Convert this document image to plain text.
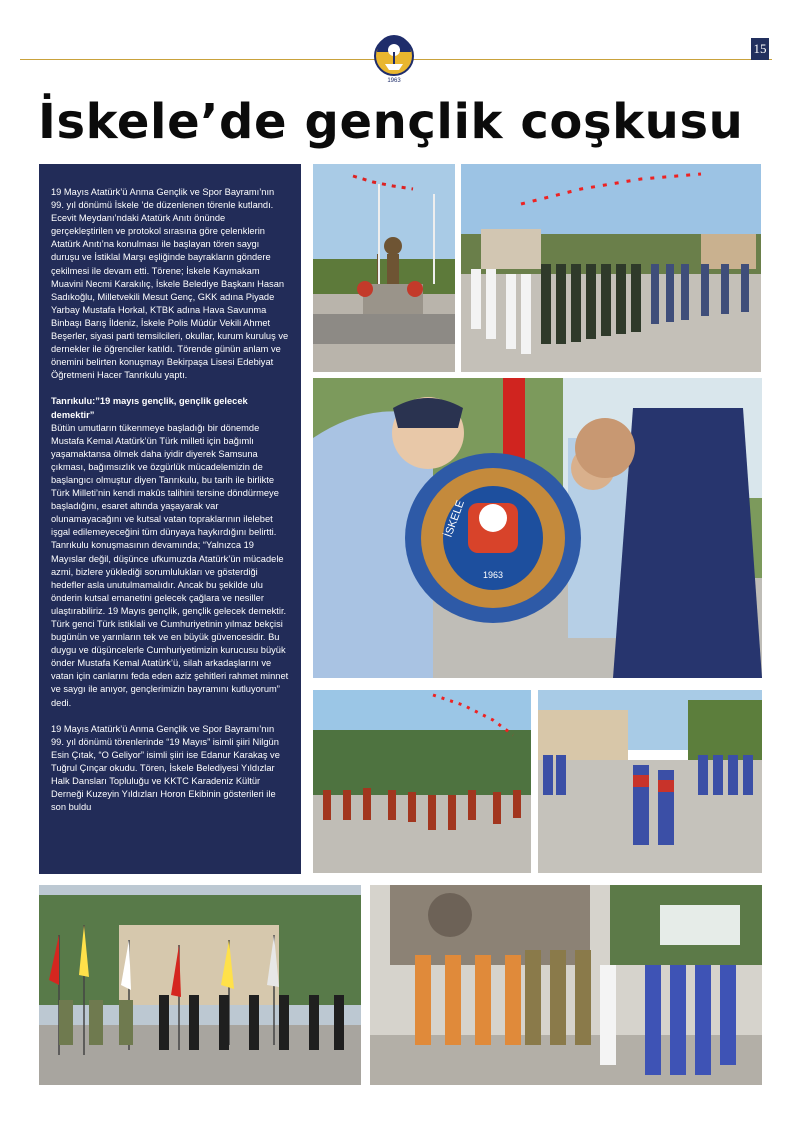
1963
15
İskele’de gençlik coşkusu

19 Mayıs Atatürk’ü Anma Gençlik ve Spor Bayramı’nın 99. yıl dönümü İskele ’de düzenlenen törenle kutlandı. Ecevit Meydanı’ndaki Atatürk Anıtı önünde gerçekleştirilen ve protokol sırasına göre çelenklerin Atatürk Anıtı’na konulması ile başlayan tören saygı duruşu ve İstiklal Marşı eşliğinde bayrakların göndere çekilmesi ile devam etti. Törene; İskele Kaymakam Muavini Necmi Karakılıç, İskele Belediye Başkanı Hasan Sadıkoğlu, Milletvekili Mesut Genç, GKK adına Piyade Yarbay Mustafa Horkal, KTBK adına Hava Savunma Binbaşı Barış İldeniz, İskele Polis Müdür Vekili Ahmet Beşerler, siyasi parti temsilcileri, okullar, kurum kuruluş ve dernekler ile öğrenciler katıldı. Törende günün anlam ve önemini belirten konuşmayı Bekirpaşa Lisesi Edebiyat Öğretmeni Hacer Tanrıkulu yaptı.

Tanrıkulu:”19 mayıs gençlik, gençlik gelecek demektir”

Bütün umutların tükenmeye başladığı bir dönemde Mustafa Kemal Atatürk’ün Türk milleti için bağımlı yaşamaktansa ölmek daha iyidir diyerek Samsuna çıkması, bağımsızlık ve özgürlük mücadelemizin de başlangıcı olmuştur diyen Tanrıkulu, bu tarih ile birlikte Türk Milleti’nin kendi makûs talihini tersine döndürmeye başladığını, esaret altında yaşayarak var olunamayacağını ve kutsal vatan topraklarının ilelebet işgal edilemeyeceğini tüm dünyaya haykırdığını belirtti. Tanrıkulu konuşmasının devamında; “Yalnızca 19 Mayıslar değil, düşünce ufkumuzda Atatürk’ün mücadele azmi, bizlere yüklediği sorumlulukları ve gösterdiği hedefler asla unutulmamalıdır. Ancak bu şekilde ulu önderin kutsal emanetini gelecek çağlara ve nesiller ulaştırabiliriz. 19 Mayıs gençlik, gençlik gelecek demektir. Türk genci Türk istiklali ve Cumhuriyetinin yılmaz bekçisi bugünün ve yarınların tek ve en büyük güvencesidir. Bu duygu ve düşüncelerle Cumhuriyetimizin kurucusu büyük önder Mustafa Kemal Atatürk’ü, silah arkadaşlarını ve vatan için canlarını feda eden aziz şehitleri rahmet minnet ve saygı ile anıyor, gençlerimizin bayramını kutluyorum” dedi.

19 Mayıs Atatürk’ü Anma Gençlik ve Spor Bayramı’nın 99. yıl dönümü törenlerinde “19 Mayıs” isimli şiiri Nilgün Esin Çıtak, “O Geliyor” isimli şiiri ise Edanur Karakaş ve Tuğrul Çınçar okudu. Tören, İskele Belediyesi Yıldızlar Halk Dansları Topluluğu ve KKTC Karadeniz Kültür Derneği Kuzeyin Yıldızları Horon Ekibinin gösterileri ile son buldu

İSKELE
1963
